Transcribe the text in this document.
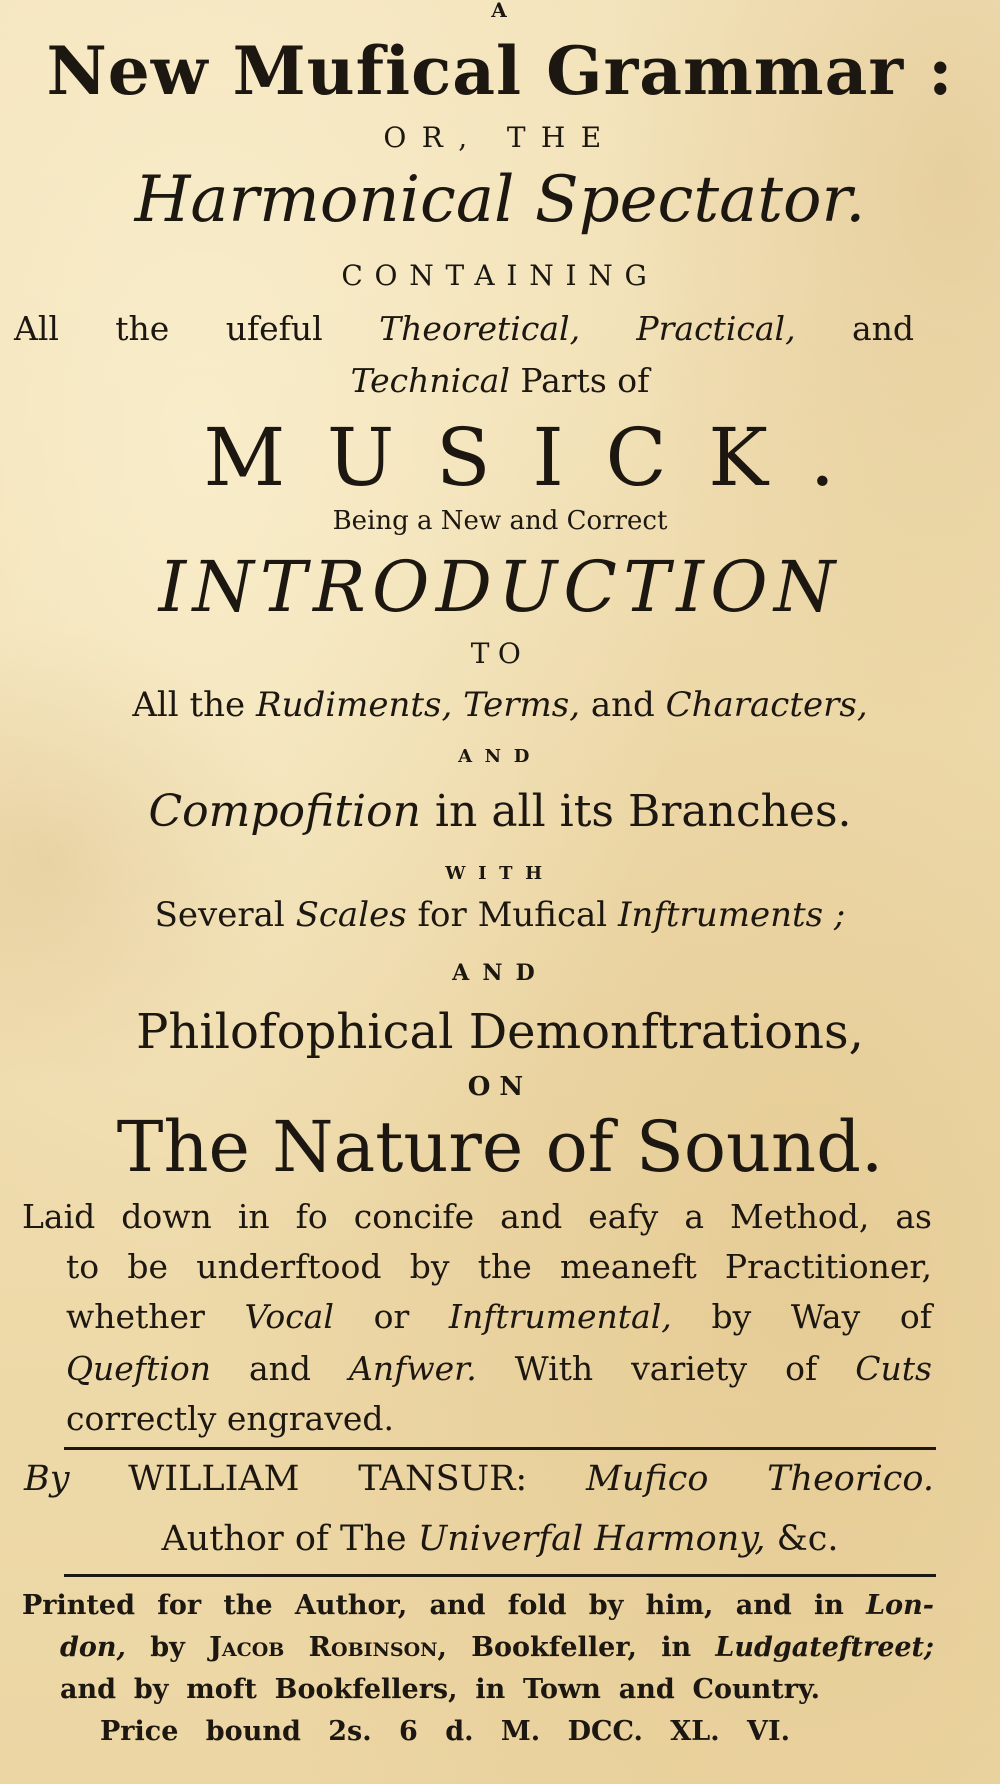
A
New Mufical Grammar :
OR, THE
Harmonical Spectator.
CONTAINING
All the ufeful Theoretical, Practical, and
Technical Parts of
MUSICK.
Being a New and Correct
INTRODUCTION
TO
All the Rudiments, Terms, and Characters,
AND
Compofition in all its Branches.
WITH
Several Scales for Mufical Inftruments ;
AND
Philofophical Demonftrations,
ON
The Nature of Sound.
Laid down in fo concife and eafy a Method, as
to be underftood by the meaneft Practitioner,
whether Vocal or Inftrumental, by Way of
Queftion and Anfwer. With variety of Cuts
correctly engraved.
By WILLIAM TANSUR: Mufico Theorico.
Author of The Univerfal Harmony, &c.
Printed for the Author, and fold by him, and in Lon-
don, by Jacob Robinson, Bookfeller, in Ludgateftreet;
and by moft Bookfellers, in Town and Country.
Price bound 2s. 6 d. M. DCC. XL. VI.
